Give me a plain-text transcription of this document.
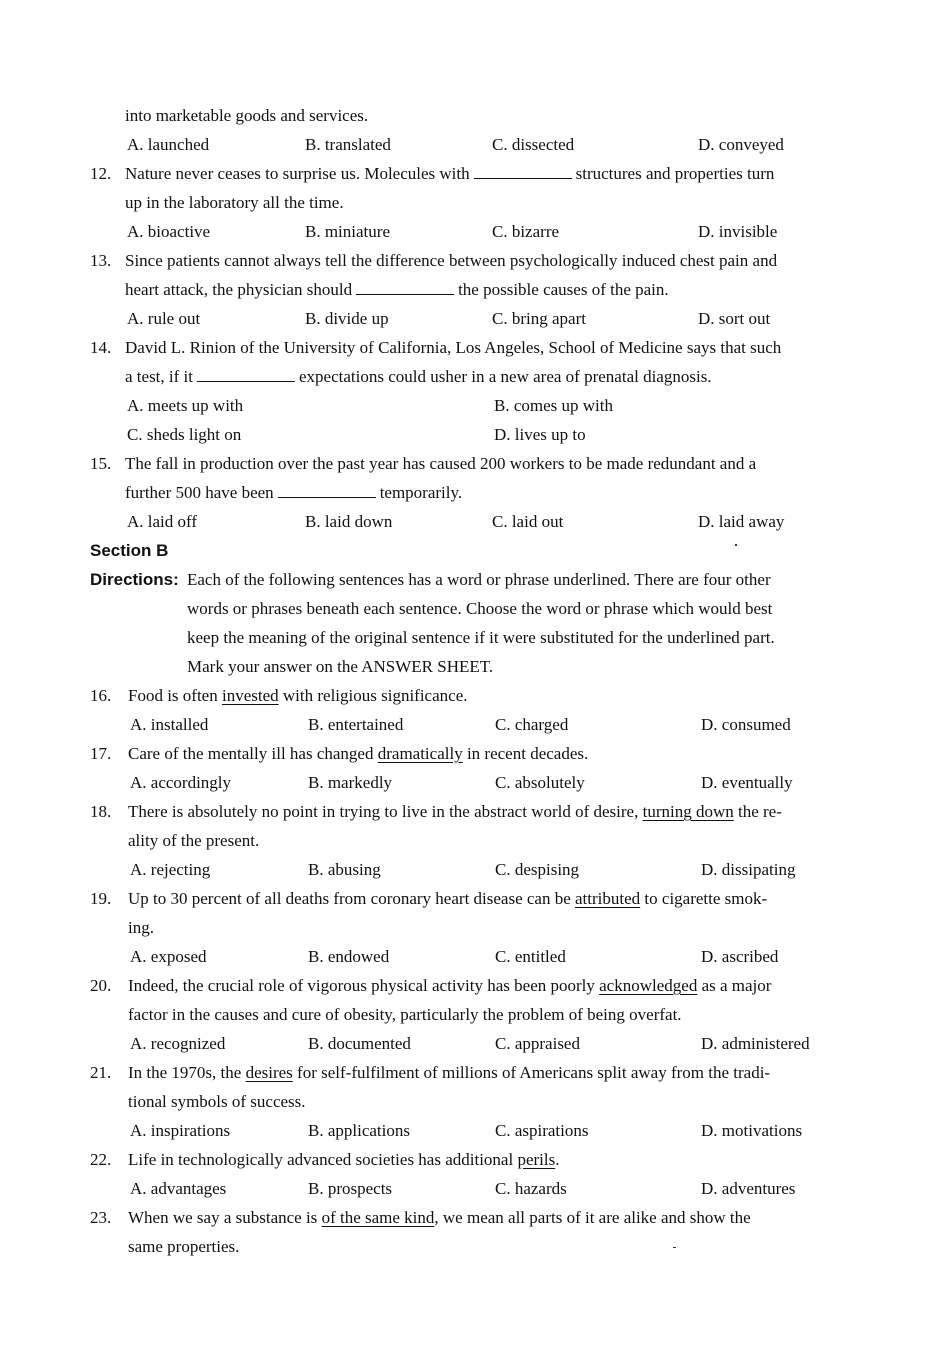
into marketable goods and services.
A. launched	B. translated	C. dissected	D. conveyed
12. Nature never ceases to surprise us. Molecules with	structures and properties turn
up in the laboratory all the time.
A. bioactive	B. miniature	C. bizarre	D. invisible
13. Since patients cannot always tell the difference between psychologically induced chest pain and
heart attack, the physician should	the possible causes of the pain.
A. rule out	B. divide up	C. bring apart	D. sort out
14. David L. Rinion of the University of California, Los Angeles, School of Medicine says that such
a test, if it	expectations could usher in a new area of prenatal diagnosis.
A. meets up with	B. comes up with
C. sheds light on	D. lives up to
15. The fall in production over the past year has caused 200 workers to be made redundant and a
further 500 have been	temporarily.
A. laid off	B. laid down	C. laid out	D. laid away
Section B
Directions: Each of the following sentences has a word or phrase underlined. There are four other
words or phrases beneath each sentence. Choose the word or phrase which would best
keep the meaning of the original sentence if it were substituted for the underlined part.
Mark your answer on the ANSWER SHEET.
16. Food is often invested with religious significance.
A. installed	B. entertained	C. charged	D. consumed
17. Care of the mentally ill has changed dramatically in recent decades.
A. accordingly	B. markedly	C. absolutely	D. eventually
18. There is absolutely no point in trying to live in the abstract world of desire, turning down the re-
ality of the present.
A. rejecting	B. abusing	C. despising	D. dissipating
19. Up to 30 percent of all deaths from coronary heart disease can be attributed to cigarette smok-
ing.
A. exposed	B. endowed	C. entitled	D. ascribed
20. Indeed, the crucial role of vigorous physical activity has been poorly acknowledged as a major
factor in the causes and cure of obesity, particularly the problem of being overfat.
A. recognized	B. documented	C. appraised	D. administered
21. In the 1970s, the desires for self-fulfilment of millions of Americans split away from the tradi-
tional symbols of success.
A. inspirations	B. applications	C. aspirations	D. motivations
22. Life in technologically advanced societies has additional perils.
A. advantages	B. prospects	C. hazards	D. adventures
23. When we say a substance is of the same kind, we mean all parts of it are alike and show the
same properties.
